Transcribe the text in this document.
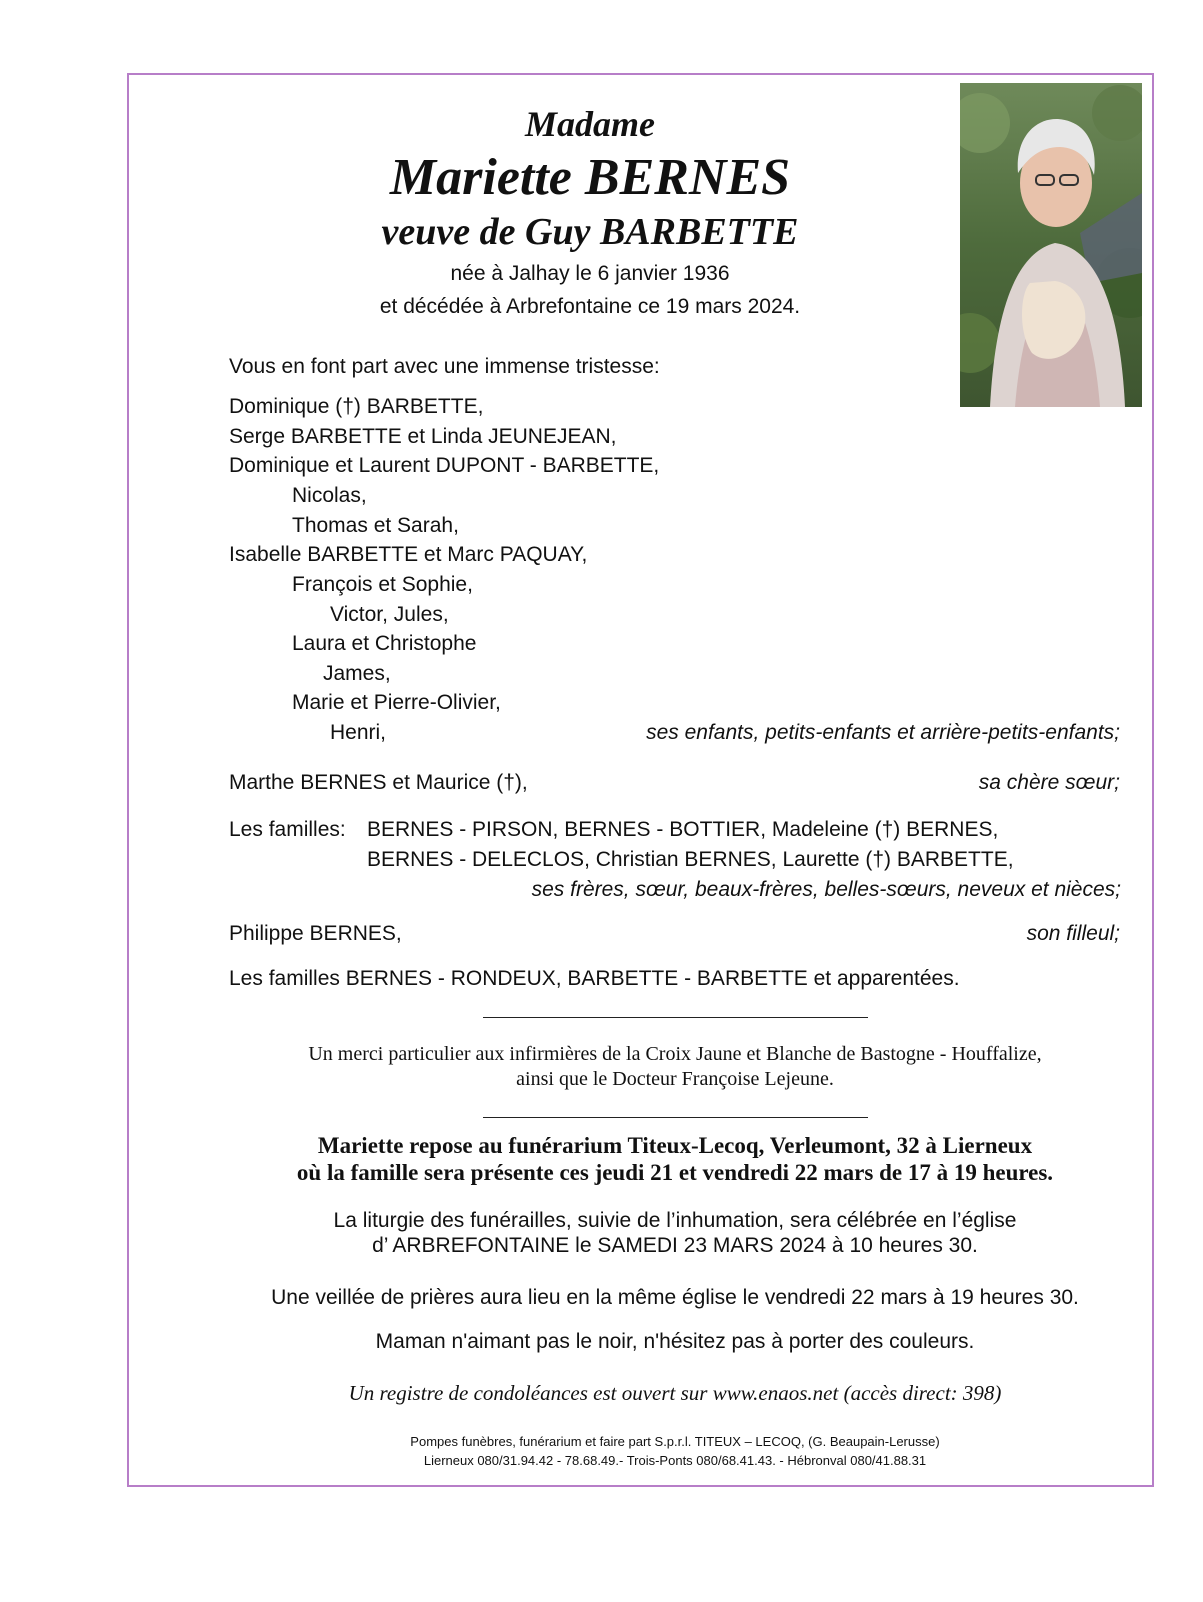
Madame
Mariette BERNES
veuve de Guy BARBETTE
née à Jalhay le 6 janvier 1936
et décédée à Arbrefontaine ce 19 mars 2024.
Vous en font part avec une immense tristesse:
Dominique (†) BARBETTE,
Serge BARBETTE et Linda JEUNEJEAN,
Dominique et Laurent DUPONT - BARBETTE,
Nicolas,
Thomas et Sarah,
Isabelle BARBETTE et Marc PAQUAY,
François et Sophie,
Victor, Jules,
Laura et Christophe
James,
Marie et Pierre-Olivier,
Henri,	ses enfants, petits-enfants et arrière-petits-enfants;
Marthe BERNES et Maurice (†),	sa chère sœur;
Les familles: BERNES - PIRSON, BERNES - BOTTIER, Madeleine (†) BERNES,
BERNES - DELECLOS, Christian BERNES, Laurette (†) BARBETTE,
ses frères, sœur, beaux-frères, belles-sœurs, neveux et nièces;
Philippe BERNES,	son filleul;
Les familles BERNES - RONDEUX, BARBETTE - BARBETTE et apparentées.
Un merci particulier aux infirmières de la Croix Jaune et Blanche de Bastogne - Houffalize,
ainsi que le Docteur Françoise Lejeune.
Mariette repose au funérarium Titeux-Lecoq, Verleumont, 32 à Lierneux
où la famille sera présente ces jeudi 21 et vendredi 22 mars de 17 à 19 heures.
La liturgie des funérailles, suivie de l’inhumation, sera célébrée en l’église
d’ ARBREFONTAINE le SAMEDI 23 MARS 2024 à 10 heures 30.
Une veillée de prières aura lieu en la même église le vendredi 22 mars à 19 heures 30.
Maman n'aimant pas le noir, n'hésitez pas à porter des couleurs.
Un registre de condoléances est ouvert sur www.enaos.net (accès direct: 398)
Pompes funèbres, funérarium et faire part S.p.r.l. TITEUX – LECOQ, (G. Beaupain-Lerusse)
Lierneux 080/31.94.42 - 78.68.49.- Trois-Ponts 080/68.41.43. - Hébronval 080/41.88.31
